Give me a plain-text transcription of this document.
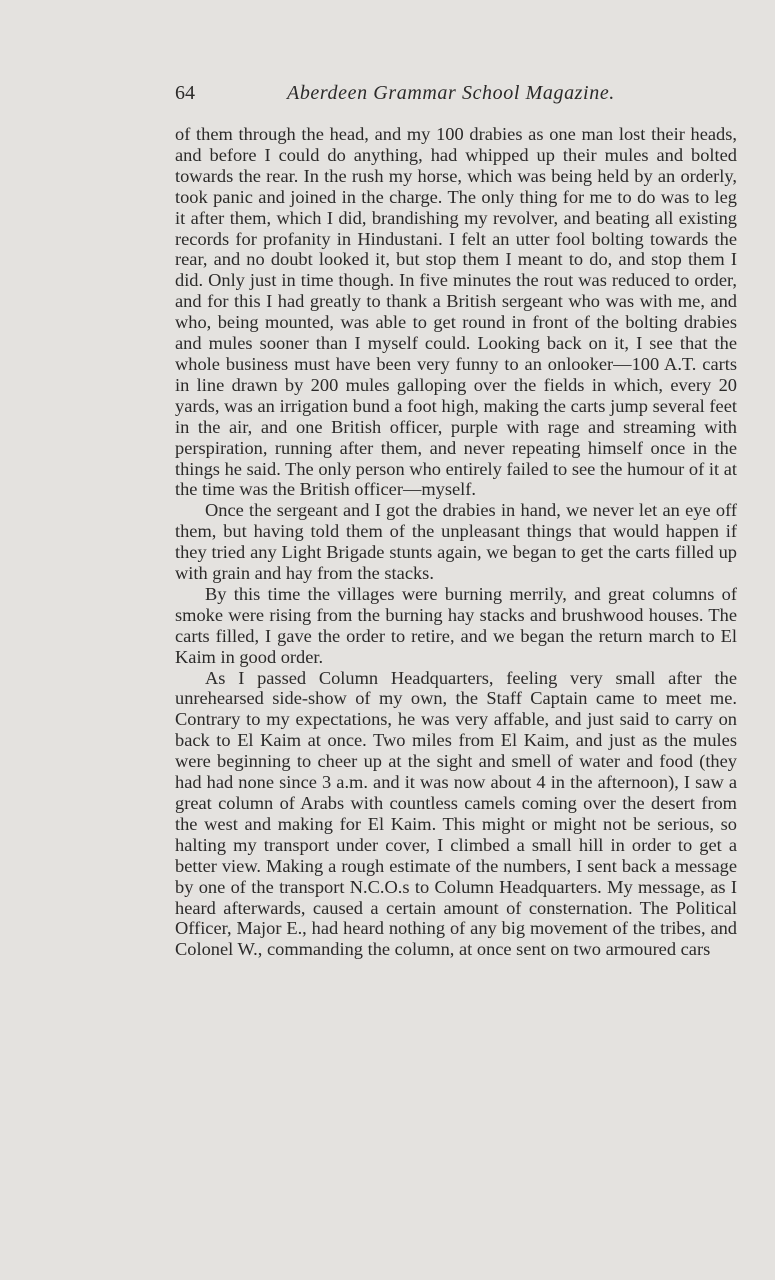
64	Aberdeen Grammar School Magazine.

of them through the head, and my 100 drabies as one man lost their heads, and before I could do anything, had whipped up their mules and bolted towards the rear. In the rush my horse, which was being held by an orderly, took panic and joined in the charge. The only thing for me to do was to leg it after them, which I did, brandishing my revolver, and beating all existing records for profanity in Hindustani. I felt an utter fool bolting towards the rear, and no doubt looked it, but stop them I meant to do, and stop them I did. Only just in time though. In five minutes the rout was reduced to order, and for this I had greatly to thank a British sergeant who was with me, and who, being mounted, was able to get round in front of the bolting drabies and mules sooner than I myself could. Looking back on it, I see that the whole business must have been very funny to an onlooker—100 A.T. carts in line drawn by 200 mules galloping over the fields in which, every 20 yards, was an irrigation bund a foot high, making the carts jump several feet in the air, and one British officer, purple with rage and streaming with perspiration, running after them, and never repeating himself once in the things he said. The only person who entirely failed to see the humour of it at the time was the British officer—myself.

Once the sergeant and I got the drabies in hand, we never let an eye off them, but having told them of the unpleasant things that would happen if they tried any Light Brigade stunts again, we began to get the carts filled up with grain and hay from the stacks.

By this time the villages were burning merrily, and great columns of smoke were rising from the burning hay stacks and brushwood houses. The carts filled, I gave the order to retire, and we began the return march to El Kaim in good order.

As I passed Column Headquarters, feeling very small after the unrehearsed side-show of my own, the Staff Captain came to meet me. Contrary to my expectations, he was very affable, and just said to carry on back to El Kaim at once. Two miles from El Kaim, and just as the mules were beginning to cheer up at the sight and smell of water and food (they had had none since 3 a.m. and it was now about 4 in the afternoon), I saw a great column of Arabs with countless camels coming over the desert from the west and making for El Kaim. This might or might not be serious, so halting my transport under cover, I climbed a small hill in order to get a better view. Making a rough estimate of the numbers, I sent back a message by one of the transport N.C.O.s to Column Headquarters. My message, as I heard afterwards, caused a certain amount of consternation. The Political Officer, Major E., had heard nothing of any big movement of the tribes, and Colonel W., commanding the column, at once sent on two armoured cars
